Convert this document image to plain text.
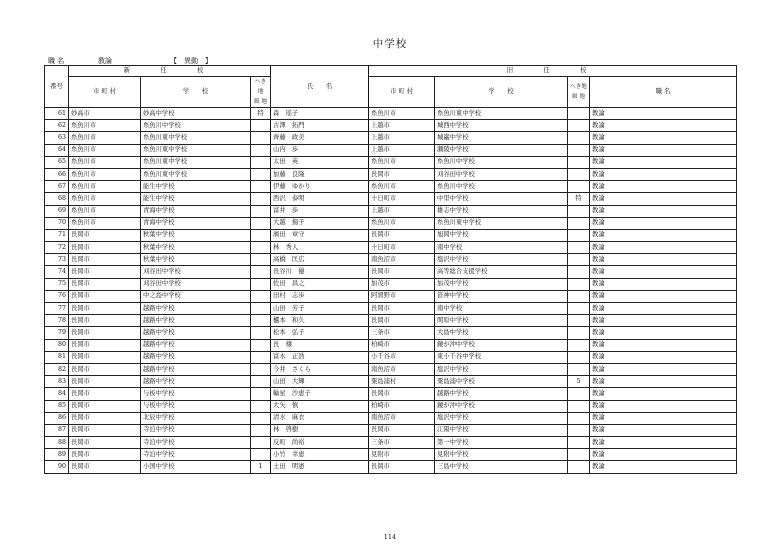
中学校
職 名	教論	【　異動　】
番号	新　任　校			氏　　名	旧　任　校			
	市 町 村	学　　校	へき地
級 地		市 町 村	学　　校	へき地
級 地	職 名
61	妙高市	妙高中学校	特	森　瑶子	糸魚川市	糸魚川東中学校		教論
62	糸魚川市	糸魚川中学校		古澤　拓門	上越市	城西中学校		教論
63	糸魚川市	糸魚川東中学校		齊藤　政美	上越市	城巌中学校		教論
64	糸魚川市	糸魚川東中学校		山内　歩	上越市	瀬陵中学校		教論
65	糸魚川市	糸魚川東中学校		太田　英	糸魚川市	糸魚川中学校		教論
66	糸魚川市	糸魚川東中学校		加藤　良隆	長岡市	刈谷田中学校		教論
67	糸魚川市	能生中学校		伊藤　ゆかり	糸魚川市	糸魚川中学校		教論
68	糸魚川市	能生中学校		西沢　泰明	十日町市	中里中学校	特	教論
69	糸魚川市	青海中学校		富井　歩	上越市	雄志中学校		教論
70	糸魚川市	青海中学校		大越　揚子	糸魚川市	糸魚川東中学校		教論
71	長岡市	秋葉中学校		濱田　章守	長岡市	旭岡中学校		教論
72	長岡市	秋葉中学校		林　秀人	十日町市	南中学校		教論
73	長岡市	秋葉中学校		高橋　匡広	南魚沼市	塩沢中学校		教論
74	長岡市	刈谷田中学校		長谷川　優	長岡市	高等総合支援学校		教論
75	長岡市	刈谷田中学校		佐田　昌之	加茂市	加茂中学校		教論
76	長岡市	中之島中学校		田村　志歩	阿賀野市	笹神中学校		教論
77	長岡市	越路中学校		山田　芳子	長岡市	南中学校		教論
78	長岡市	越路中学校		櫨本　和久	長岡市	関原中学校		教論
79	長岡市	越路中学校		松本　弘子	三条市	大島中学校		教論
80	長岡市	越路中学校		長　穣	柏崎市	鏡が沖中学校		教論
81	長岡市	越路中学校		富永　正浩	小千谷市	東小千谷中学校		教論
82	長岡市	越路中学校		今井　さくら	南魚沼市	塩沢中学校		教論
83	長岡市	越路中学校		山田　大輝	粟島浦村	粟島浦中学校	5	教論
84	長岡市	与板中学校		輪星　沙恵子	長岡市	越路中学校		教論
85	長岡市	与板中学校		大矢　慎	柏崎市	鏡が沖中学校		教論
86	長岡市	北辰中学校		清水　麻衣	南魚沼市	塩沢中学校		教論
87	長岡市	寺泊中学校		林　啓樹	長岡市	江陽中学校		教論
88	長岡市	寺泊中学校		反町　尚裕	三条市	第一中学校		教論
89	長岡市	寺泊中学校		小竹　幸恵	見附市	見附中学校		教論
90	長岡市	小国中学校	1	土田　明憲	長岡市	三島中学校		教論
114
